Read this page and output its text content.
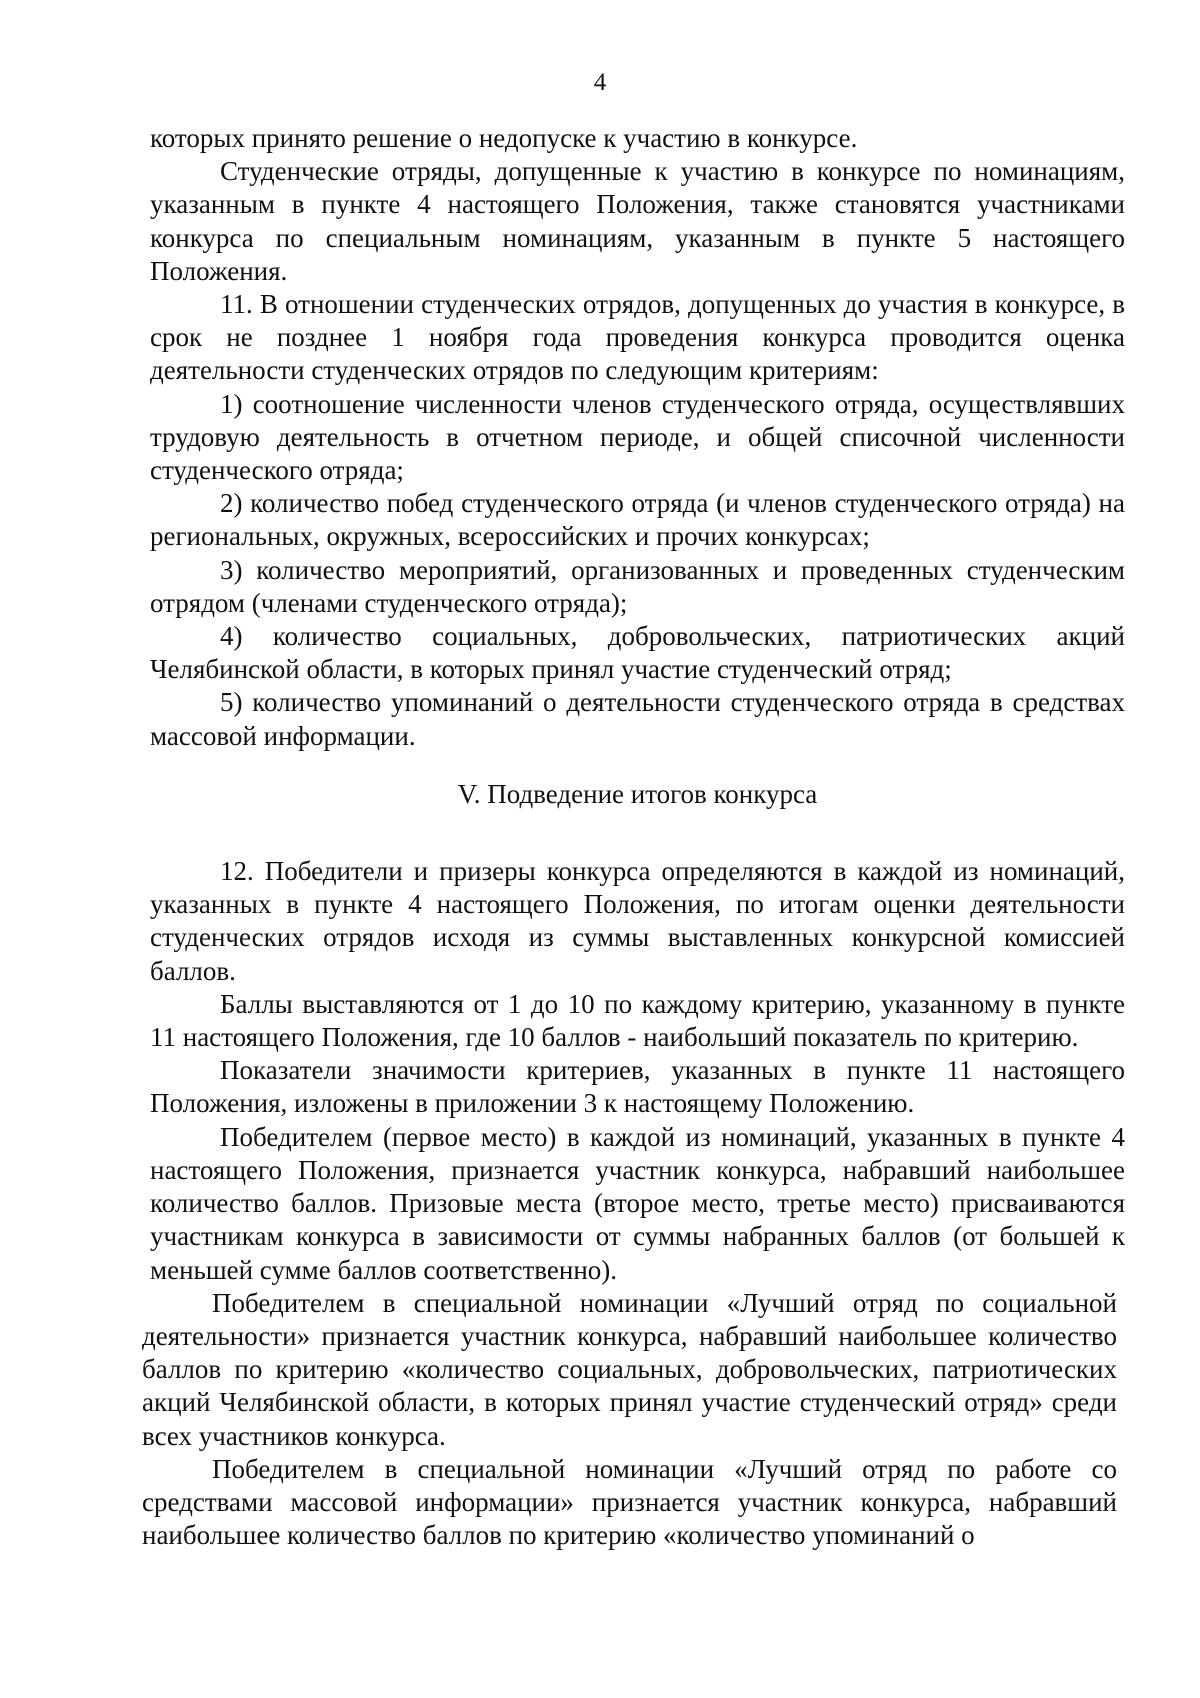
4

которых принято решение о недопуске к участию в конкурсе.

Студенческие отряды, допущенные к участию в конкурсе по номинациям, указанным в пункте 4 настоящего Положения, также становятся участниками конкурса по специальным номинациям, указанным в пункте 5 настоящего Положения.

11. В отношении студенческих отрядов, допущенных до участия в конкурсе, в срок не позднее 1 ноября года проведения конкурса проводится оценка деятельности студенческих отрядов по следующим критериям:

1) соотношение численности членов студенческого отряда, осуществлявших трудовую деятельность в отчетном периоде, и общей списочной численности студенческого отряда;

2) количество побед студенческого отряда (и членов студенческого отряда) на региональных, окружных, всероссийских и прочих конкурсах;

3) количество мероприятий, организованных и проведенных студенческим отрядом (членами студенческого отряда);

4) количество социальных, добровольческих, патриотических акций Челябинской области, в которых принял участие студенческий отряд;

5) количество упоминаний о деятельности студенческого отряда в средствах массовой информации.

V. Подведение итогов конкурса

12. Победители и призеры конкурса определяются в каждой из номинаций, указанных в пункте 4 настоящего Положения, по итогам оценки деятельности студенческих отрядов исходя из суммы выставленных конкурсной комиссией баллов.

Баллы выставляются от 1 до 10 по каждому критерию, указанному в пункте 11 настоящего Положения, где 10 баллов - наибольший показатель по критерию.

Показатели значимости критериев, указанных в пункте 11 настоящего Положения, изложены в приложении 3 к настоящему Положению.

Победителем (первое место) в каждой из номинаций, указанных в пункте 4 настоящего Положения, признается участник конкурса, набравший наибольшее количество баллов. Призовые места (второе место, третье место) присваиваются участникам конкурса в зависимости от суммы набранных баллов (от большей к меньшей сумме баллов соответственно).

Победителем в специальной номинации «Лучший отряд по социальной деятельности» признается участник конкурса, набравший наибольшее количество баллов по критерию «количество социальных, добровольческих, патриотических акций Челябинской области, в которых принял участие студенческий отряд» среди всех участников конкурса.

Победителем в специальной номинации «Лучший отряд по работе со средствами массовой информации» признается участник конкурса, набравший наибольшее количество баллов по критерию «количество упоминаний о
